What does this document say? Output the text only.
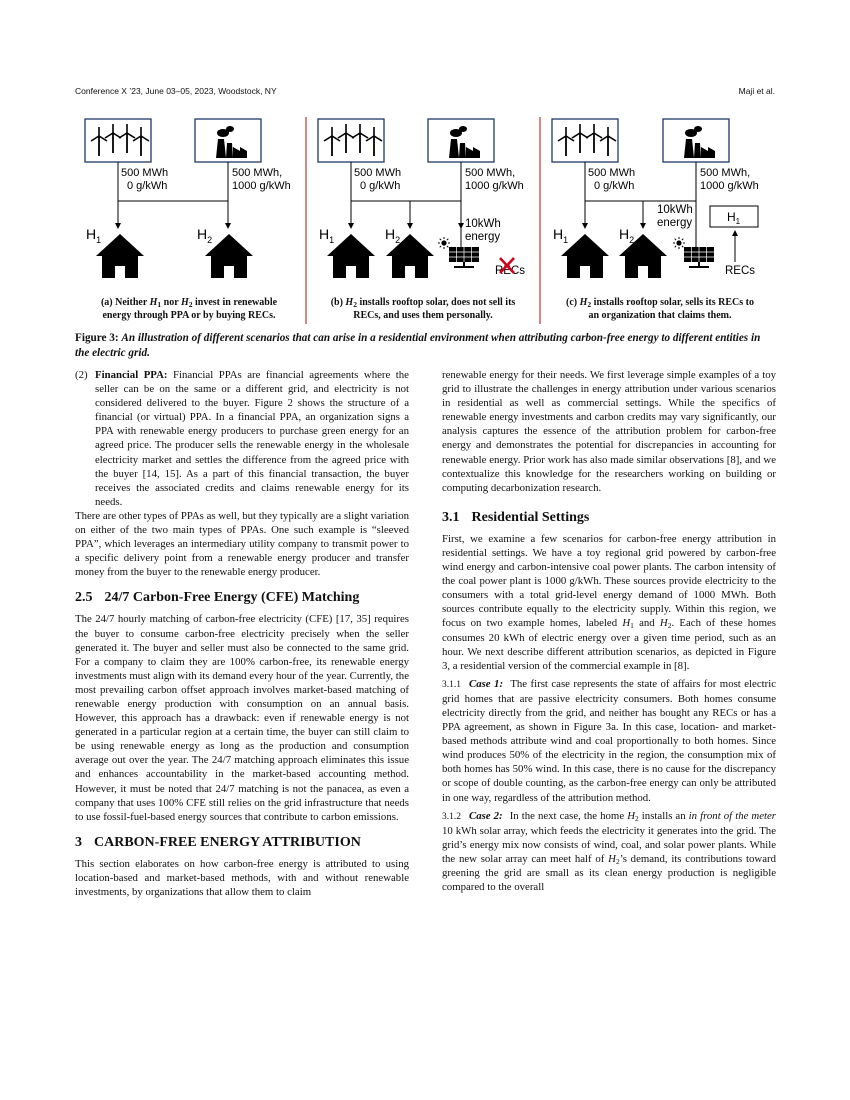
Conference X ’23, June 03–05, 2023, Woodstock, NY	Maji et al.
500 MWh
0 g/kWh
500 MWh,
1000 g/kWh
$H_1$	$H_2$
500 MWh
0 g/kWh
500 MWh,
1000 g/kWh
10kWh
energy
$H_1$	$H_2$
RECs
500 MWh
0 g/kWh
500 MWh,
1000 g/kWh
10kWh
energy
$H_1$	$H_2$
RECs
$H_1$
(a) Neither $H_1$ nor $H_2$ invest in renewable
energy through PPA or by buying RECs.
(b) $H_2$ installs rooftop solar, does not sell its
RECs, and uses them personally.
(c) $H_2$ installs rooftop solar, sells its RECs to
an organization that claims them.
Figure 3: An illustration of different scenarios that can arise in a residential environment when attributing carbon-free energy to different entities in the electric grid.
(2) Financial PPA: Financial PPAs are financial agreements where the seller can be on the same or a different grid, and electricity is not considered delivered to the buyer. Figure 2 shows the structure of a financial (or virtual) PPA. In a financial PPA, an organization signs a PPA with renewable energy producers to purchase green energy for an agreed price. The producer sells the renewable energy in the wholesale electricity market and settles the difference from the agreed price with the buyer [14, 15]. As a part of this financial transaction, the buyer receives the associated credits and claims renewable energy for its needs.

There are other types of PPAs as well, but they typically are a slight variation on either of the two main types of PPAs. One such example is “sleeved PPA”, which leverages an intermediary utility company to transmit power to a specific delivery point from a renewable energy producer and transfer money from the buyer to the renewable energy producer.

2.5 24/7 Carbon-Free Energy (CFE) Matching

The 24/7 hourly matching of carbon-free electricity (CFE) [17, 35] requires the buyer to consume carbon-free electricity precisely when the seller generated it. The buyer and seller must also be connected to the same grid. For a company to claim they are 100% carbon-free, its renewable energy investments must align with its demand every hour of the year. Currently, the most prevailing carbon offset approach involves market-based matching of renewable energy production with consumption on an annual basis. However, this approach has a drawback: even if renewable energy is not generated in a particular region at a certain time, the buyer can still claim to be using renewable energy as long as the production and consumption average out over the year. The 24/7 matching approach eliminates this issue and enhances accountability in the market-based accounting method. However, it must be noted that 24/7 matching is not the panacea, as even a company that uses 100% CFE still relies on the grid infrastructure that needs to use fossil-fuel-based energy sources that contribute to carbon emissions.

3 CARBON-FREE ENERGY ATTRIBUTION

This section elaborates on how carbon-free energy is attributed to using location-based and market-based methods, with and without renewable investments, by organizations that allow them to claim

renewable energy for their needs. We first leverage simple examples of a toy grid to illustrate the challenges in energy attribution under various scenarios in residential as well as commercial settings. While the specifics of renewable energy investments and carbon credits may vary significantly, our analysis captures the essence of the attribution problem for carbon-free energy and demonstrates the potential for discrepancies in accounting for renewable energy. Prior work has also made similar observations [8], and we contextualize this knowledge for the researchers working on building or computing decarbonization research.

3.1 Residential Settings

First, we examine a few scenarios for carbon-free energy attribution in residential settings. We have a toy regional grid powered by carbon-free wind energy and carbon-intensive coal power plants. The carbon intensity of the coal power plant is 1000 g/kWh. These sources provide electricity to the consumers with a total grid-level energy demand of 1000 MWh. Both sources contribute equally to the electricity supply. Within this region, we focus on two example homes, labeled $H_1$ and $H_2$. Each of these homes consumes 20 kWh of electric energy over a given time period, such as an hour. We next describe different attribution scenarios, as depicted in Figure 3, a residential version of the commercial example in [8].

3.1.1 Case 1: The first case represents the state of affairs for most electric grid homes that are passive electricity consumers. Both homes consume electricity directly from the grid, and neither has bought any RECs or has a PPA agreement, as shown in Figure 3a. In this case, location- and market-based methods attribute wind and coal proportionally to both homes. Since wind produces 50% of the electricity in the region, the consumption mix of both homes has 50% wind. In this case, there is no cause for the discrepancy or scope of double counting, as the carbon-free energy can only be attributed in one way, regardless of the attribution method.

3.1.2 Case 2: In the next case, the home $H_2$ installs an in front of the meter 10 kWh solar array, which feeds the electricity it generates into the grid. The grid’s energy mix now consists of wind, coal, and solar power plants. While the new solar array can meet half of $H_2’s$ demand, its contributions toward greening the grid are small as its clean energy production is negligible compared to the overall
